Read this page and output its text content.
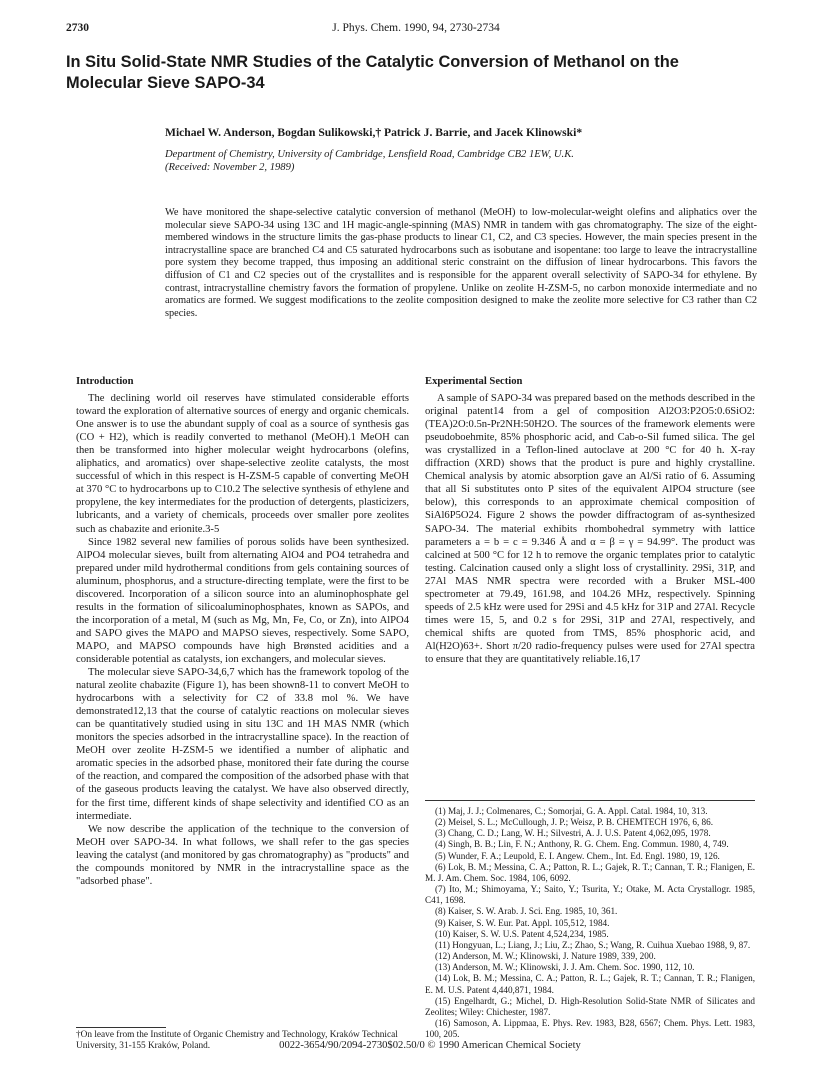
2730	J. Phys. Chem. 1990, 94, 2730-2734
In Situ Solid-State NMR Studies of the Catalytic Conversion of Methanol on the Molecular Sieve SAPO-34
Michael W. Anderson, Bogdan Sulikowski,† Patrick J. Barrie, and Jacek Klinowski*
Department of Chemistry, University of Cambridge, Lensfield Road, Cambridge CB2 1EW, U.K.
(Received: November 2, 1989)
We have monitored the shape-selective catalytic conversion of methanol (MeOH) to low-molecular-weight olefins and aliphatics over the molecular sieve SAPO-34 using 13C and 1H magic-angle-spinning (MAS) NMR in tandem with gas chromatography. The size of the eight-membered windows in the structure limits the gas-phase products to linear C1, C2, and C3 species. However, the main species present in the intracrystalline space are branched C4 and C5 saturated hydrocarbons such as isobutane and isopentane: too large to leave the intracrystalline pore system they become trapped, thus imposing an additional steric constraint on the diffusion of linear hydrocarbons. This favors the diffusion of C1 and C2 species out of the crystallites and is responsible for the apparent overall selectivity of SAPO-34 for ethylene. By contrast, intracrystalline chemistry favors the formation of propylene. Unlike on zeolite H-ZSM-5, no carbon monoxide intermediate and no aromatics are formed. We suggest modifications to the zeolite composition designed to make the zeolite more selective for C3 rather than C2 species.
Introduction

The declining world oil reserves have stimulated considerable efforts toward the exploration of alternative sources of energy and organic chemicals. One answer is to use the abundant supply of coal as a source of synthesis gas (CO + H2), which is readily converted to methanol (MeOH).1 MeOH can then be transformed into higher molecular weight hydrocarbons (olefins, aliphatics, and aromatics) over shape-selective zeolite catalysts, the most successful of which in this respect is H-ZSM-5 capable of converting MeOH at 370 °C to hydrocarbons up to C10.2 The selective synthesis of ethylene and propylene, the key intermediates for the production of detergents, plasticizers, lubricants, and a variety of chemicals, proceeds over smaller pore zeolites such as chabazite and erionite.3-5

Since 1982 several new families of porous solids have been synthesized. AlPO4 molecular sieves, built from alternating AlO4 and PO4 tetrahedra and prepared under mild hydrothermal conditions from gels containing sources of aluminum, phosphorus, and a structure-directing template, were the first to be discovered. Incorporation of a silicon source into an aluminophosphate gel results in the formation of silicoaluminophosphates, known as SAPOs, and the incorporation of a metal, M (such as Mg, Mn, Fe, Co, or Zn), into AlPO4 and SAPO gives the MAPO and MAPSO sieves, respectively. Some SAPO, MAPO, and MAPSO compounds have high Brønsted acidities and a considerable potential as catalysts, ion exchangers, and molecular sieves.

The molecular sieve SAPO-34,6,7 which has the framework topolog of the natural zeolite chabazite (Figure 1), has been shown8-11 to convert MeOH to hydrocarbons with a selectivity for C2 of 33.8 mol %. We have demonstrated12,13 that the course of catalytic reactions on molecular sieves can be quantitatively studied using in situ 13C and 1H MAS NMR (which monitors the species adsorbed in the intracrystalline space). In the reaction of MeOH over zeolite H-ZSM-5 we identified a number of aliphatic and aromatic species in the adsorbed phase, monitored their fate during the course of the reaction, and compared the composition of the adsorbed phase with that of the gaseous products leaving the catalyst. We have also observed directly, for the first time, different kinds of shape selectivity and identified CO as an intermediate.

We now describe the application of the technique to the conversion of MeOH over SAPO-34. In what follows, we shall refer to the gas species leaving the catalyst (and monitored by gas chromatography) as "products" and the compounds monitored by NMR in the intracrystalline space as the "adsorbed phase".

†On leave from the Institute of Organic Chemistry and Technology, Kraków Technical University, 31-155 Kraków, Poland.
Experimental Section

A sample of SAPO-34 was prepared based on the methods described in the original patent14 from a gel of composition Al2O3:P2O5:0.6SiO2:(TEA)2O:0.5n-Pr2NH:50H2O. The sources of the framework elements were pseudoboehmite, 85% phosphoric acid, and Cab-o-Sil fumed silica. The gel was crystallized in a Teflon-lined autoclave at 200 °C for 40 h. X-ray diffraction (XRD) shows that the product is pure and highly crystalline. Chemical analysis by atomic absorption gave an Al/Si ratio of 6. Assuming that all Si substitutes onto P sites of the equivalent AlPO4 structure (see below), this corresponds to an approximate chemical composition of SiAl6P5O24. Figure 2 shows the powder diffractogram of as-synthesized SAPO-34. The material exhibits rhombohedral symmetry with lattice parameters a = b = c = 9.346 Å and α = β = γ = 94.99°. The product was calcined at 500 °C for 12 h to remove the organic templates prior to catalytic testing. Calcination caused only a slight loss of crystallinity. 29Si, 31P, and 27Al MAS NMR spectra were recorded with a Bruker MSL-400 spectrometer at 79.49, 161.98, and 104.26 MHz, respectively. Spinning speeds of 2.5 kHz were used for 29Si and 4.5 kHz for 31P and 27Al. Recycle times were 15, 5, and 0.2 s for 29Si, 31P and 27Al, respectively, and chemical shifts are quoted from TMS, 85% phosphoric acid, and Al(H2O)63+. Short π/20 radio-frequency pulses were used for 27Al spectra to ensure that they are quantitatively reliable.16,17

(1) Maj, J. J.; Colmenares, C.; Somorjai, G. A. Appl. Catal. 1984, 10, 313.

(2) Meisel, S. L.; McCullough, J. P.; Weisz, P. B. CHEMTECH 1976, 6, 86.

(3) Chang, C. D.; Lang, W. H.; Silvestri, A. J. U.S. Patent 4,062,095, 1978.

(4) Singh, B. B.; Lin, F. N.; Anthony, R. G. Chem. Eng. Commun. 1980, 4, 749.

(5) Wunder, F. A.; Leupold, E. I. Angew. Chem., Int. Ed. Engl. 1980, 19, 126.

(6) Lok, B. M.; Messina, C. A.; Patton, R. L.; Gajek, R. T.; Cannan, T. R.; Flanigen, E. M. J. Am. Chem. Soc. 1984, 106, 6092.

(7) Ito, M.; Shimoyama, Y.; Saito, Y.; Tsurita, Y.; Otake, M. Acta Crystallogr. 1985, C41, 1698.

(8) Kaiser, S. W. Arab. J. Sci. Eng. 1985, 10, 361.

(9) Kaiser, S. W. Eur. Pat. Appl. 105,512, 1984.

(10) Kaiser, S. W. U.S. Patent 4,524,234, 1985.

(11) Hongyuan, L.; Liang, J.; Liu, Z.; Zhao, S.; Wang, R. Cuihua Xuebao 1988, 9, 87.

(12) Anderson, M. W.; Klinowski, J. Nature 1989, 339, 200.

(13) Anderson, M. W.; Klinowski, J. J. Am. Chem. Soc. 1990, 112, 10.

(14) Lok, B. M.; Messina, C. A.; Patton, R. L.; Gajek, R. T.; Cannan, T. R.; Flanigen, E. M. U.S. Patent 4,440,871, 1984.

(15) Engelhardt, G.; Michel, D. High-Resolution Solid-State NMR of Silicates and Zeolites; Wiley: Chichester, 1987.

(16) Samoson, A. Lippmaa, E. Phys. Rev. 1983, B28, 6567; Chem. Phys. Lett. 1983, 100, 205.

0022-3654/90/2094-2730$02.50/0 © 1990 American Chemical Society
